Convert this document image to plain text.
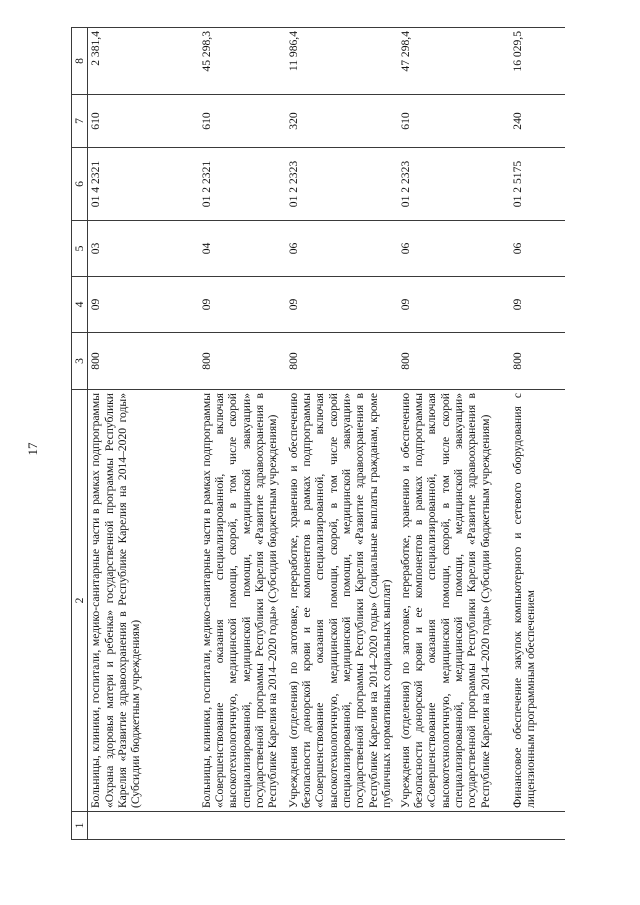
17
1	2	3	4	5	6	7	8
	Больницы, клиники, госпитали, медико-санитарные части в рамках подпрограммы «Охрана здоровья матери и ребенка» государственной программы Республики Карелия «Развитие здравоохранения в Республике Карелия на 2014–2020 годы» (Субсидии бюджетным учреждениям)	800	09	03	01 4 2321	610	2 381,4
	Больницы, клиники, госпитали, медико-санитарные части в рамках подпрограммы «Совершенствование оказания специализированной, включая высокотехнологичную, медицинской помощи, скорой, в том числе скорой специализированной, медицинской помощи, медицинской эвакуации» государственной программы Республики Карелия «Развитие здравоохранения в Республике Карелия на 2014–2020 годы» (Субсидии бюджетным учреждениям)	800	09	04	01 2 2321	610	45 298,3
	Учреждения (отделения) по заготовке, переработке, хранению и обеспечению безопасности донорской крови и ее компонентов в рамках подпрограммы «Совершенствование оказания специализированной, включая высокотехнологичную, медицинской помощи, скорой, в том числе скорой специализированной, медицинской помощи, медицинской эвакуации» государственной программы Республики Карелия «Развитие здравоохранения в Республике Карелия на 2014–2020 годы» (Социальные выплаты гражданам, кроме публичных нормативных социальных выплат)	800	09	06	01 2 2323	320	11 986,4
	Учреждения (отделения) по заготовке, переработке, хранению и обеспечению безопасности донорской крови и ее компонентов в рамках подпрограммы «Совершенствование оказания специализированной, включая высокотехнологичную, медицинской помощи, скорой, в том числе скорой специализированной, медицинской помощи, медицинской эвакуации» государственной программы Республики Карелия «Развитие здравоохранения в Республике Карелия на 2014–2020 годы» (Субсидии бюджетным учреждениям)	800	09	06	01 2 2323	610	47 298,4
	Финансовое обеспечение закупок компьютерного и сетевого оборудования с лицензионным программным обеспечением	800	09	06	01 2 5175	240	16 029,5
